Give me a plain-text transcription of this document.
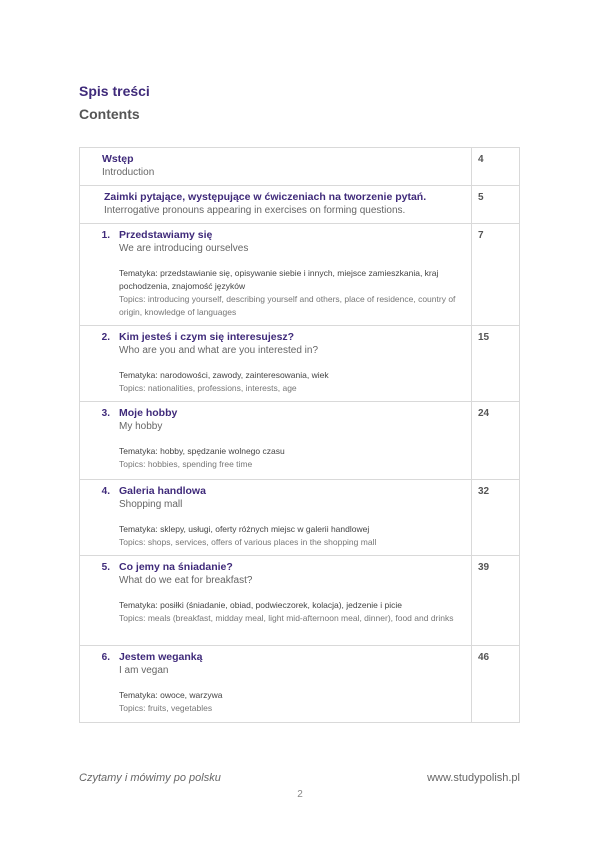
Spis treści
Contents
Wstęp
Introduction	4

Zaimki pytające, występujące w ćwiczeniach na tworzenie pytań.
Interrogative pronouns appearing in exercises on forming questions.	5

1. Przedstawiamy się
We are introducing ourselves
Tematyka: przedstawianie się, opisywanie siebie i innych, miejsce zamieszkania, kraj pochodzenia, znajomość języków
Topics: introducing yourself, describing yourself and others, place of residence, country of origin, knowledge of languages	7

2. Kim jesteś i czym się interesujesz?
Who are you and what are you interested in?
Tematyka: narodowości, zawody, zainteresowania, wiek
Topics: nationalities, professions, interests, age	15

3. Moje hobby
My hobby
Tematyka: hobby, spędzanie wolnego czasu
Topics: hobbies, spending free time	24

4. Galeria handlowa
Shopping mall
Tematyka: sklepy, usługi, oferty różnych miejsc w galerii handlowej
Topics: shops, services, offers of various places in the shopping mall	32

5. Co jemy na śniadanie?
What do we eat for breakfast?
Tematyka: posiłki (śniadanie, obiad, podwieczorek, kolacja), jedzenie i picie
Topics: meals (breakfast, midday meal, light mid-afternoon meal, dinner), food and drinks	39

6. Jestem weganką
I am vegan
Tematyka: owoce, warzywa
Topics: fruits, vegetables	46
Czytamy i mówimy po polsku	www.studypolish.pl
2
